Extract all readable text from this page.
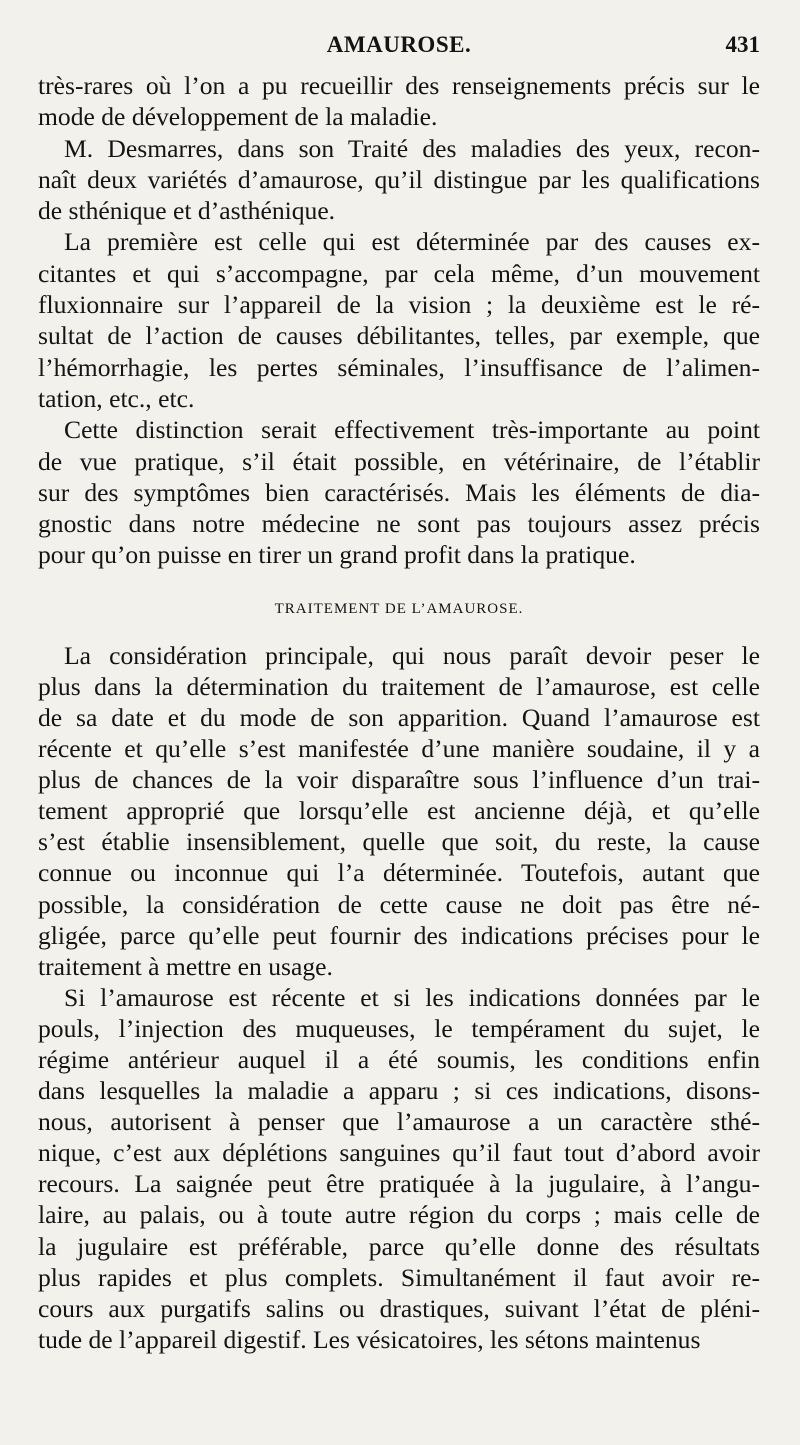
AMAUROSE.	431
très-rares où l’on a pu recueillir des renseignements précis sur le
mode de développement de la maladie.
M. Desmarres, dans son Traité des maladies des yeux, recon-
naît deux variétés d’amaurose, qu’il distingue par les qualifications
de sthénique et d’asthénique.
La première est celle qui est déterminée par des causes ex-
citantes et qui s’accompagne, par cela même, d’un mouvement
fluxionnaire sur l’appareil de la vision ; la deuxième est le ré-
sultat de l’action de causes débilitantes, telles, par exemple, que
l’hémorrhagie, les pertes séminales, l’insuffisance de l’alimen-
tation, etc., etc.
Cette distinction serait effectivement très-importante au point
de vue pratique, s’il était possible, en vétérinaire, de l’établir
sur des symptômes bien caractérisés. Mais les éléments de dia-
gnostic dans notre médecine ne sont pas toujours assez précis
pour qu’on puisse en tirer un grand profit dans la pratique.
TRAITEMENT DE L’AMAUROSE.
La considération principale, qui nous paraît devoir peser le
plus dans la détermination du traitement de l’amaurose, est celle
de sa date et du mode de son apparition. Quand l’amaurose est
récente et qu’elle s’est manifestée d’une manière soudaine, il y a
plus de chances de la voir disparaître sous l’influence d’un trai-
tement approprié que lorsqu’elle est ancienne déjà, et qu’elle
s’est établie insensiblement, quelle que soit, du reste, la cause
connue ou inconnue qui l’a déterminée. Toutefois, autant que
possible, la considération de cette cause ne doit pas être né-
gligée, parce qu’elle peut fournir des indications précises pour le
traitement à mettre en usage.
Si l’amaurose est récente et si les indications données par le
pouls, l’injection des muqueuses, le tempérament du sujet, le
régime antérieur auquel il a été soumis, les conditions enfin
dans lesquelles la maladie a apparu ; si ces indications, disons-
nous, autorisent à penser que l’amaurose a un caractère sthé-
nique, c’est aux déplétions sanguines qu’il faut tout d’abord avoir
recours. La saignée peut être pratiquée à la jugulaire, à l’angu-
laire, au palais, ou à toute autre région du corps ; mais celle de
la jugulaire est préférable, parce qu’elle donne des résultats
plus rapides et plus complets. Simultanément il faut avoir re-
cours aux purgatifs salins ou drastiques, suivant l’état de pléni-
tude de l’appareil digestif. Les vésicatoires, les sétons maintenus
